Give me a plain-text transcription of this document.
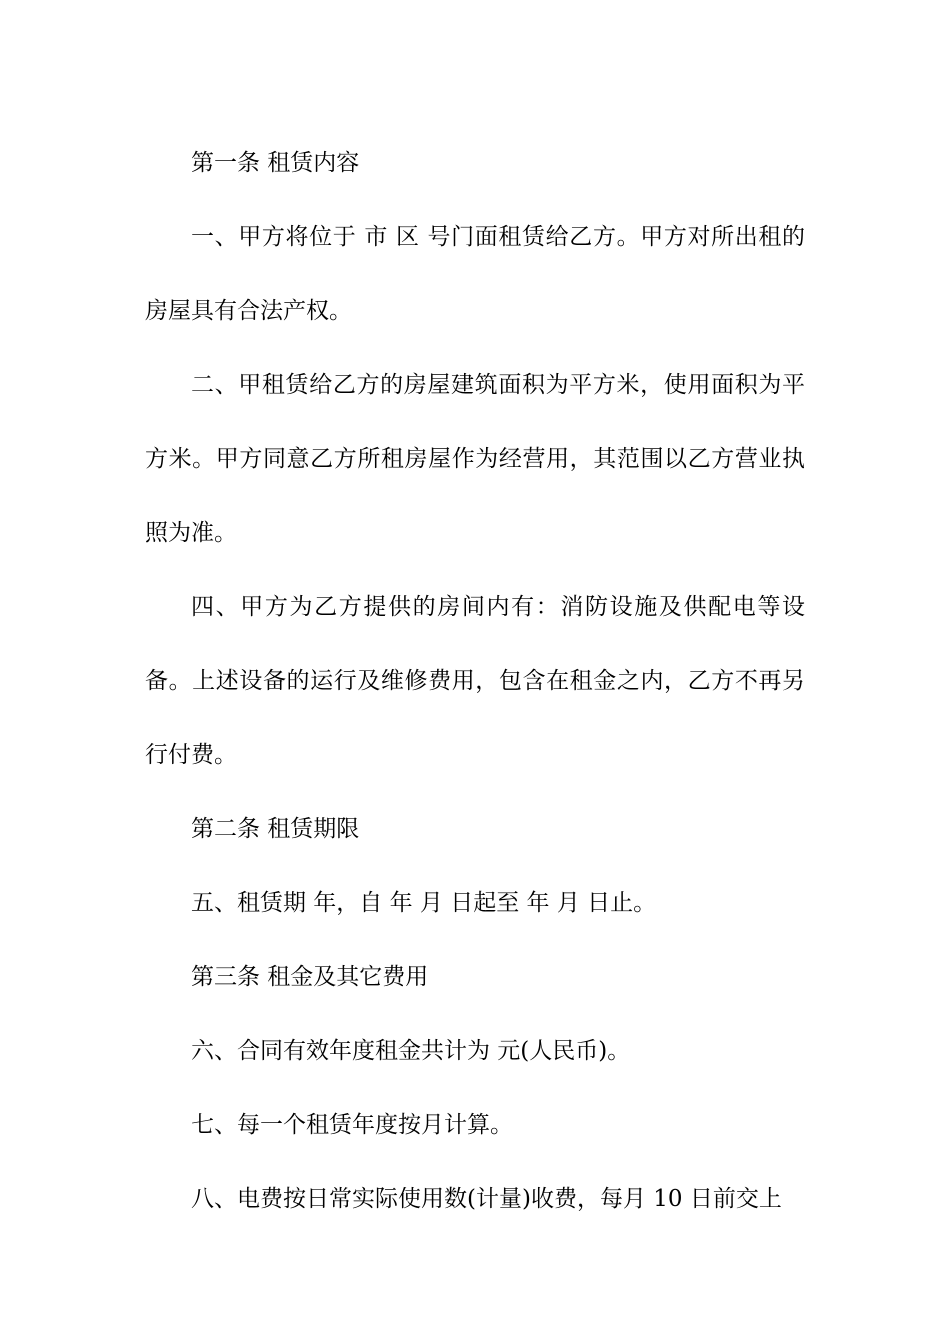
第一条 租赁内容

一、甲方将位于 市 区 号门面租赁给乙方。甲方对所出租的房屋具有合法产权。

二、甲租赁给乙方的房屋建筑面积为平方米，使用面积为平方米。甲方同意乙方所租房屋作为经营用，其范围以乙方营业执照为准。

四、甲方为乙方提供的房间内有：消防设施及供配电等设备。上述设备的运行及维修费用，包含在租金之内，乙方不再另行付费。

第二条 租赁期限

五、租赁期 年，自 年 月 日起至 年 月 日止。

第三条 租金及其它费用

六、合同有效年度租金共计为 元(人民币)。

七、每一个租赁年度按月计算。

八、电费按日常实际使用数(计量)收费，每月 10 日前交上
